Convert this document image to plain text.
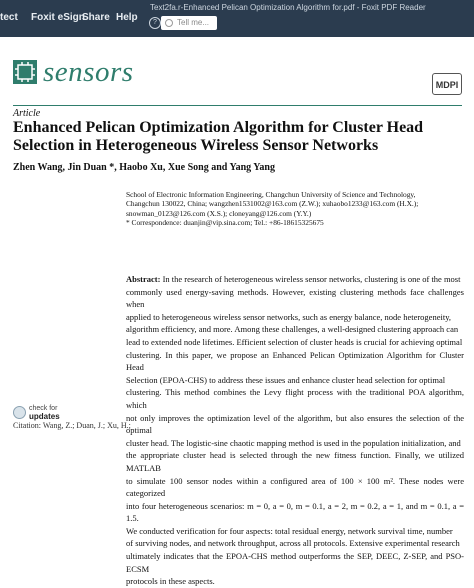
tect Foxit eSign
Share Help
Text2fa.r-Enhanced Pelican Optimization Algorithm for.pdf - Foxit PDF Reader
?	Tell me...
sensors	MDPI
Article
Enhanced Pelican Optimization Algorithm for Cluster Head Selection in Heterogeneous Wireless Sensor Networks
Zhen Wang, Jin Duan *, Haobo Xu, Xue Song and Yang Yang
School of Electronic Information Engineering, Changchun University of Science and Technology,
Changchun 130022, China; wangzhen1531002@163.com (Z.W.); xuhaobo1233@163.com (H.X.);
snowman_0123@126.com (X.S.); cloneyang@126.com (Y.Y.)
* Correspondence: duanjin@vip.sina.com; Tel.: +86-18615325675
Abstract: In the research of heterogeneous wireless sensor networks, clustering is one of the most
commonly used energy-saving methods. However, existing clustering methods face challenges when
applied to heterogeneous wireless sensor networks, such as energy balance, node heterogeneity,
algorithm efficiency, and more. Among these challenges, a well-designed clustering approach can
lead to extended node lifetimes. Efficient selection of cluster heads is crucial for achieving optimal
clustering. In this paper, we propose an Enhanced Pelican Optimization Algorithm for Cluster Head
Selection (EPOA-CHS) to address these issues and enhance cluster head selection for optimal
clustering. This method combines the Levy flight process with the traditional POA algorithm, which
not only improves the optimization level of the algorithm, but also ensures the selection of the optimal
cluster head. The logistic-sine chaotic mapping method is used in the population initialization, and
the appropriate cluster head is selected through the new fitness function. Finally, we utilized MATLAB
to simulate 100 sensor nodes within a configured area of 100 × 100 m². These nodes were categorized
into four heterogeneous scenarios: m = 0, a = 0, m = 0.1, a = 2, m = 0.2, a = 1, and m = 0.1, a = 1.5.
We conducted verification for four aspects: total residual energy, network survival time, number
of surviving nodes, and network throughput, across all protocols. Extensive experimental research
ultimately indicates that the EPOA-CHS method outperforms the SEP, DEEC, Z-SEP, and PSO-ECSM
protocols in these aspects.
check for
updates
Citation: Wang, Z.; Duan, J.; Xu, H.;
